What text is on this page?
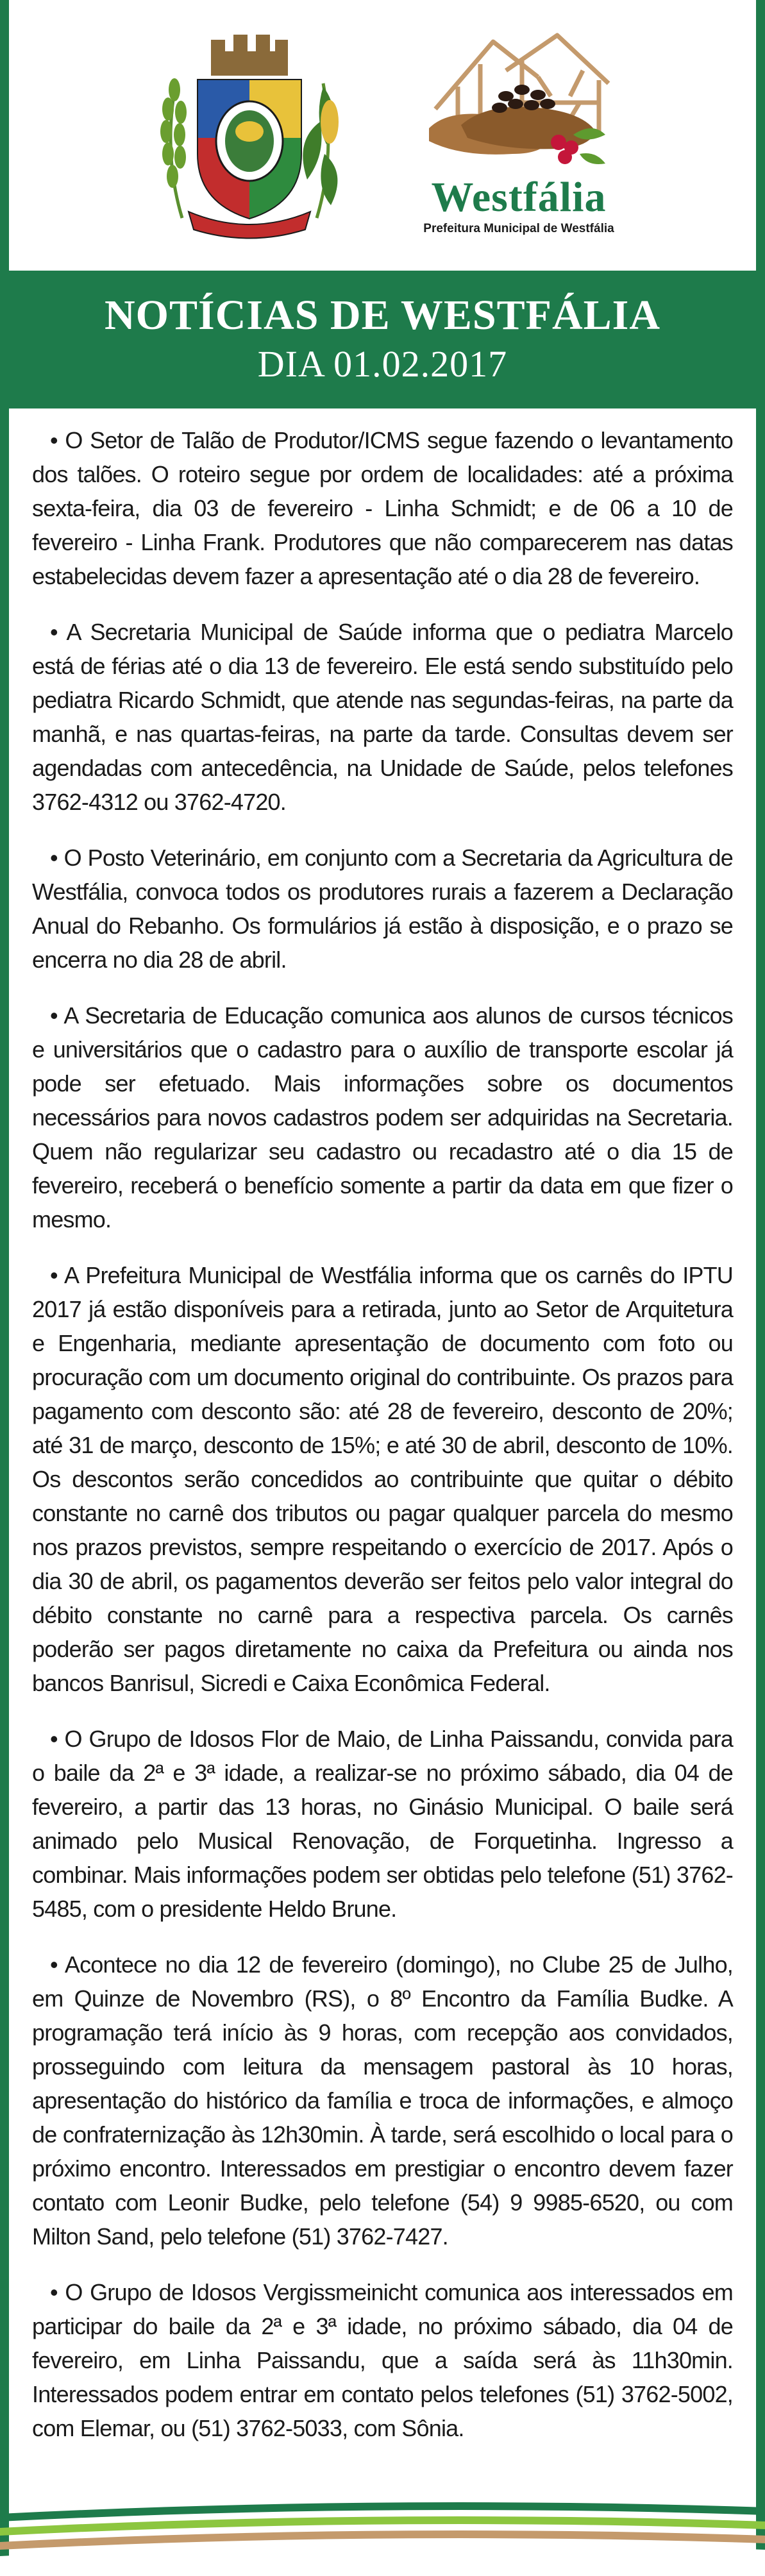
Westfália
Prefeitura Municipal de Westfália
NOTÍCIAS DE WESTFÁLIA
DIA 01.02.2017

• O Setor de Talão de Produtor/ICMS segue fazendo o levantamento dos talões. O roteiro segue por ordem de localidades: até a próxima sexta-feira, dia 03 de fevereiro - Linha Schmidt; e de 06 a 10 de fevereiro - Linha Frank. Produtores que não comparecerem nas datas estabelecidas devem fazer a apresentação até o dia 28 de fevereiro.

• A Secretaria Municipal de Saúde informa que o pediatra Marcelo está de férias até o dia 13 de fevereiro. Ele está sendo substituído pelo pediatra Ricardo Schmidt, que atende nas segundas-feiras, na parte da manhã, e nas quartas-feiras, na parte da tarde. Consultas devem ser agendadas com antecedência, na Unidade de Saúde, pelos telefones 3762-4312 ou 3762-4720.

• O Posto Veterinário, em conjunto com a Secretaria da Agricultura de Westfália, convoca todos os produtores rurais a fazerem a Declaração Anual do Rebanho. Os formulários já estão à disposição, e o prazo se encerra no dia 28 de abril.

• A Secretaria de Educação comunica aos alunos de cursos técnicos e universitários que o cadastro para o auxílio de transporte escolar já pode ser efetuado. Mais informações sobre os documentos necessários para novos cadastros podem ser adquiridas na Secretaria. Quem não regularizar seu cadastro ou recadastro até o dia 15 de fevereiro, receberá o benefício somente a partir da data em que fizer o mesmo.

• A Prefeitura Municipal de Westfália informa que os carnês do IPTU 2017 já estão disponíveis para a retirada, junto ao Setor de Arquitetura e Engenharia, mediante apresentação de documento com foto ou procuração com um documento original do contribuinte. Os prazos para pagamento com desconto são: até 28 de fevereiro, desconto de 20%; até 31 de março, desconto de 15%; e até 30 de abril, desconto de 10%. Os descontos serão concedidos ao contribuinte que quitar o débito constante no carnê dos tributos ou pagar qualquer parcela do mesmo nos prazos previstos, sempre respeitando o exercício de 2017. Após o dia 30 de abril, os pagamentos deverão ser feitos pelo valor integral do débito constante no carnê para a respectiva parcela. Os carnês poderão ser pagos diretamente no caixa da Prefeitura ou ainda nos bancos Banrisul, Sicredi e Caixa Econômica Federal.

• O Grupo de Idosos Flor de Maio, de Linha Paissandu, convida para o baile da 2ª e 3ª idade, a realizar-se no próximo sábado, dia 04 de fevereiro, a partir das 13 horas, no Ginásio Municipal. O baile será animado pelo Musical Renovação, de Forquetinha. Ingresso a combinar. Mais informações podem ser obtidas pelo telefone (51) 3762-5485, com o presidente Heldo Brune.

• Acontece no dia 12 de fevereiro (domingo), no Clube 25 de Julho, em Quinze de Novembro (RS), o 8º Encontro da Família Budke. A programação terá início às 9 horas, com recepção aos convidados, prosseguindo com leitura da mensagem pastoral às 10 horas, apresentação do histórico da família e troca de informações, e almoço de confraternização às 12h30min. À tarde, será escolhido o local para o próximo encontro. Interessados em prestigiar o encontro devem fazer contato com Leonir Budke, pelo telefone (54) 9 9985-6520, ou com Milton Sand, pelo telefone (51) 3762-7427.

• O Grupo de Idosos Vergissmeinicht comunica aos interessados em participar do baile da 2ª e 3ª idade, no próximo sábado, dia 04 de fevereiro, em Linha Paissandu, que a saída será às 11h30min. Interessados podem entrar em contato pelos telefones (51) 3762-5002, com Elemar, ou (51) 3762-5033, com Sônia.
